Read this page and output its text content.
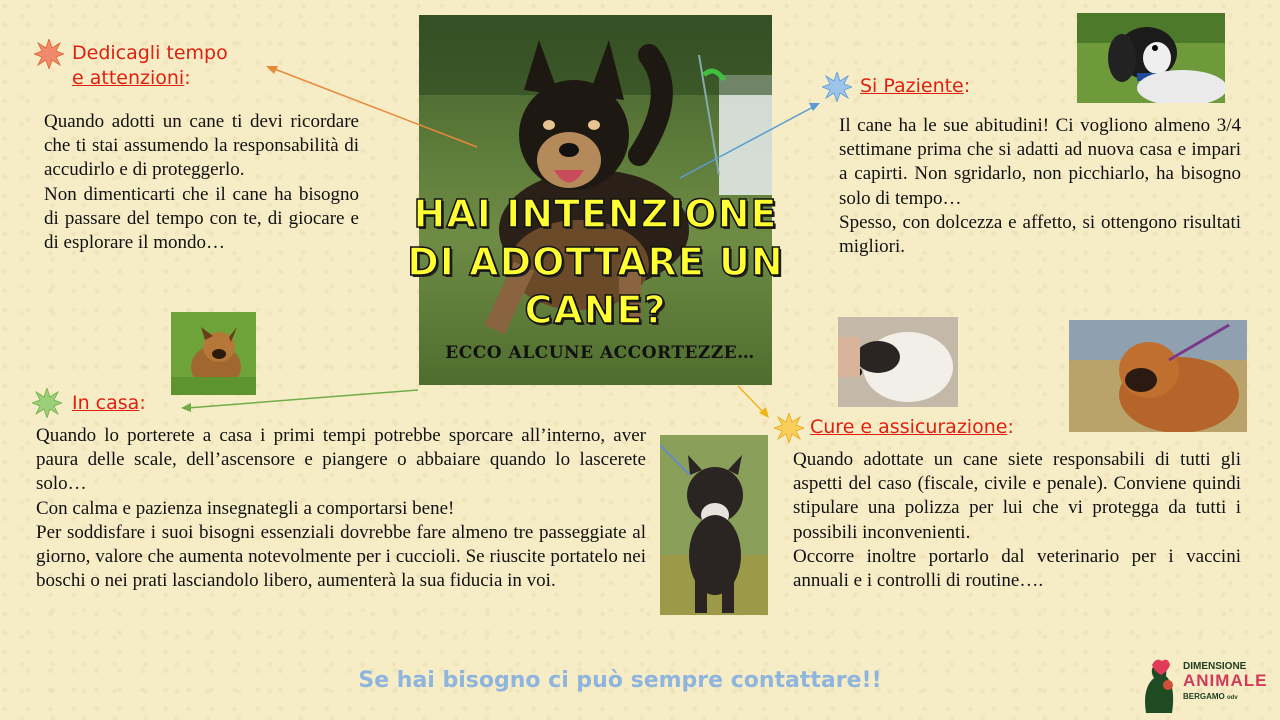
Dedicagli tempo
e attenzioni:	Si Paziente:
In casa:
Cure e assicurazione:

Quando adotti un cane ti devi ricordare che ti stai assumendo la responsabilità di accudirlo e di proteggerlo.

Non dimenticarti che il cane ha bisogno di passare del tempo con te, di giocare e di esplorare il mondo…

Il cane ha le sue abitudini! Ci vogliono almeno 3/4 settimane prima che si adatti ad nuova casa e impari a capirti. Non sgridarlo, non picchiarlo, ha bisogno solo di tempo…

Spesso, con dolcezza e affetto, si ottengono risultati migliori.

Quando lo porterete a casa i primi tempi potrebbe sporcare all’interno, aver paura delle scale, dell’ascensore e piangere o abbaiare quando lo lascerete solo…

Con calma e pazienza insegnategli a comportarsi bene!

Per soddisfare i suoi bisogni essenziali dovrebbe fare almeno tre passeggiate al giorno, valore che aumenta notevolmente per i cuccioli. Se riuscite portatelo nei boschi o nei prati lasciandolo libero, aumenterà la sua fiducia in voi.

Quando adottate un cane siete responsabili di tutti gli aspetti del caso (fiscale, civile e penale). Conviene quindi stipulare una polizza per lui che vi protegga da tutti i possibili inconvenienti.

Occorre inoltre portarlo dal veterinario per i vaccini annuali e i controlli di routine….

HAI INTENZIONE DI ADOTTARE UN CANE?
ECCO ALCUNE ACCORTEZZE…
Se hai bisogno ci può sempre contattare!!
DIMENSIONE
ANIMALE
BERGAMO odv
